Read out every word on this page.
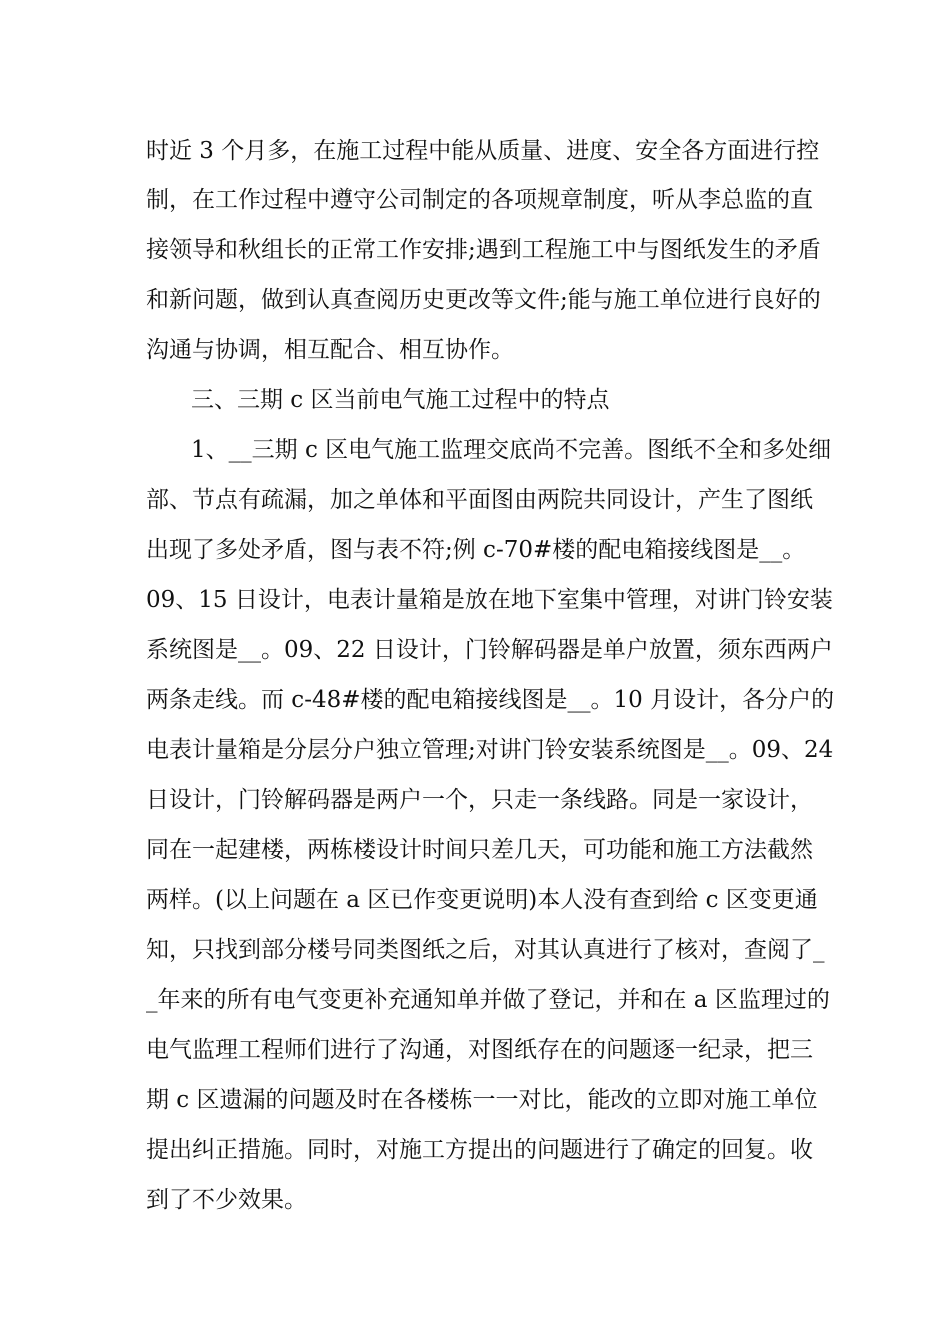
时近 3 个月多，在施工过程中能从质量、进度、安全各方面进行控
制，在工作过程中遵守公司制定的各项规章制度，听从李总监的直
接领导和秋组长的正常工作安排;遇到工程施工中与图纸发生的矛盾
和新问题，做到认真查阅历史更改等文件;能与施工单位进行良好的
沟通与协调，相互配合、相互协作。
三、三期 c 区当前电气施工过程中的特点
1、__三期 c 区电气施工监理交底尚不完善。图纸不全和多处细
部、节点有疏漏，加之单体和平面图由两院共同设计，产生了图纸
出现了多处矛盾，图与表不符;例 c-70#楼的配电箱接线图是__。
09、15 日设计，电表计量箱是放在地下室集中管理，对讲门铃安装
系统图是__。09、22 日设计，门铃解码器是单户放置，须东西两户
两条走线。而 c-48#楼的配电箱接线图是__。10 月设计，各分户的
电表计量箱是分层分户独立管理;对讲门铃安装系统图是__。09、24
日设计，门铃解码器是两户一个，只走一条线路。同是一家设计，
同在一起建楼，两栋楼设计时间只差几天，可功能和施工方法截然
两样。(以上问题在 a 区已作变更说明)本人没有查到给 c 区变更通
知，只找到部分楼号同类图纸之后，对其认真进行了核对，查阅了_
_年来的所有电气变更补充通知单并做了登记，并和在 a 区监理过的
电气监理工程师们进行了沟通，对图纸存在的问题逐一纪录，把三
期 c 区遗漏的问题及时在各楼栋一一对比，能改的立即对施工单位
提出纠正措施。同时，对施工方提出的问题进行了确定的回复。收
到了不少效果。
